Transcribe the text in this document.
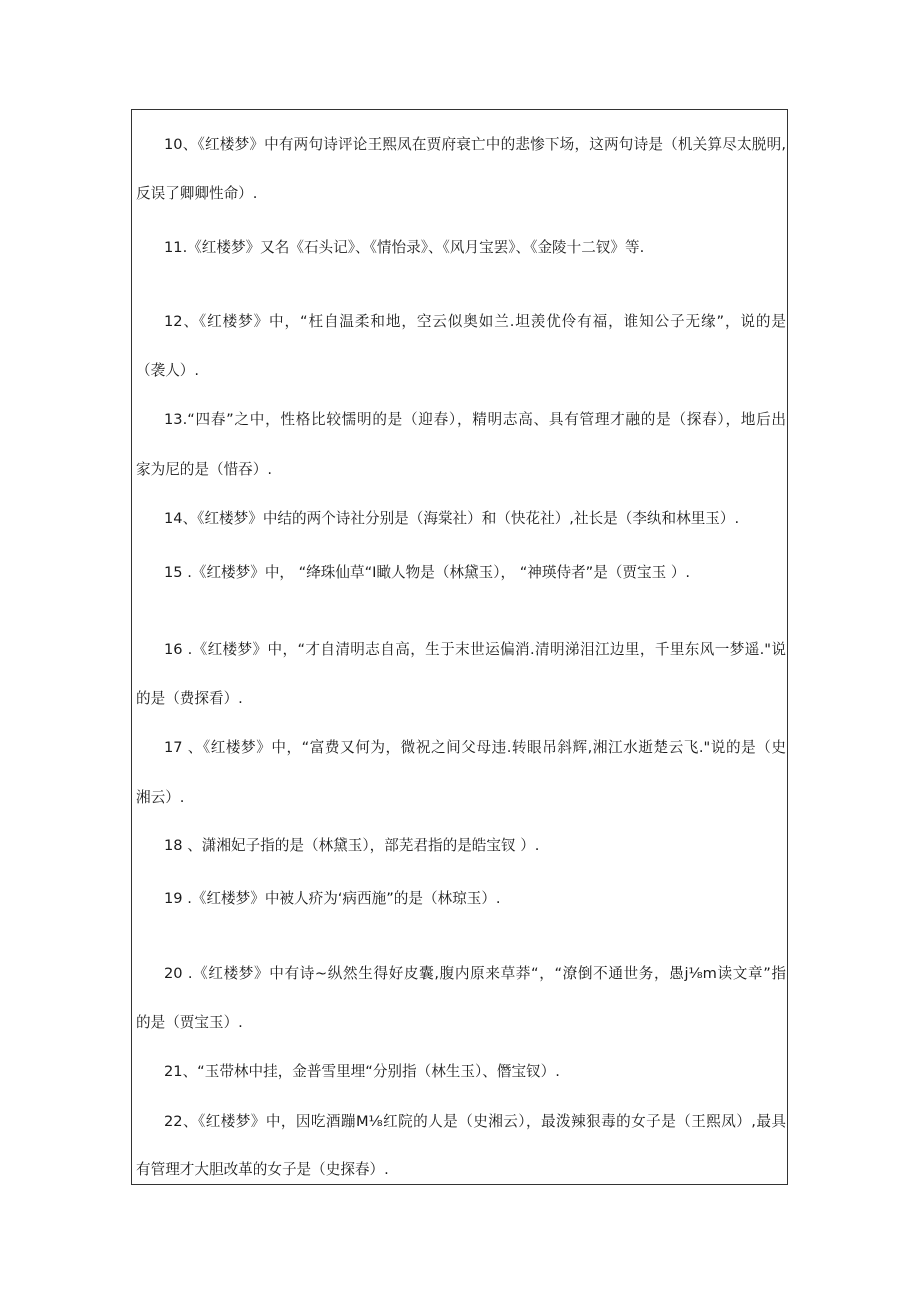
10、《红楼梦》中有两句诗评论王熙凤在贾府衰亡中的悲惨下场，这两句诗是（机关算尽太脱明,
反误了卿卿性命）.
11.《红楼梦》又名《石头记》、《情怡录》、《风月宝罢》、《金陵十二钗》等.
12、《红楼梦》中，“枉自温柔和地，空云似奥如兰.坦羡优伶有福，谁知公子无缘”，说的是
（袭人）.
13.“四春”之中，性格比较懦明的是（迎春），精明志高、具有管理才融的是（探春），地后出
家为尼的是（惜吞）.
14、《红楼梦》中结的两个诗社分别是（海棠社）和（快花社）,社长是（李纨和林里玉）.
15 .《红楼梦》中， “绛珠仙草“I瞰人物是（林黛玉）， “神瑛侍者”是（贾宝玉 ）.
16 .《红楼梦》中，“才自清明志自高，生于末世运偏消.清明涕泪江边里，千里东风一梦遥."说
的是（费探看）.
17 、《红楼梦》中，“富费又何为，微祝之间父母违.转眼吊斜辉,湘江水逝楚云飞."说的是（史
湘云）.
18 、潇湘妃子指的是（林黛玉），部芜君指的是皓宝钗 ）.
19 .《红楼梦》中被人疥为‘病西施”的是（林琼玉）.
20 .《红楼梦》中有诗~纵然生得好皮囊,腹内原来草莽“，“潦倒不通世务，愚j⅛m读文章”指
的是（贾宝玉）.
21、“玉带林中挂，金普雪里埋“分别指（林生玉）、僭宝钗）.
22、《红楼梦》中，因吃酒蹦M⅛红院的人是（史湘云），最泼辣狠毒的女子是（王熙凤）,最具
有管理才大胆改革的女子是（史探春）.
